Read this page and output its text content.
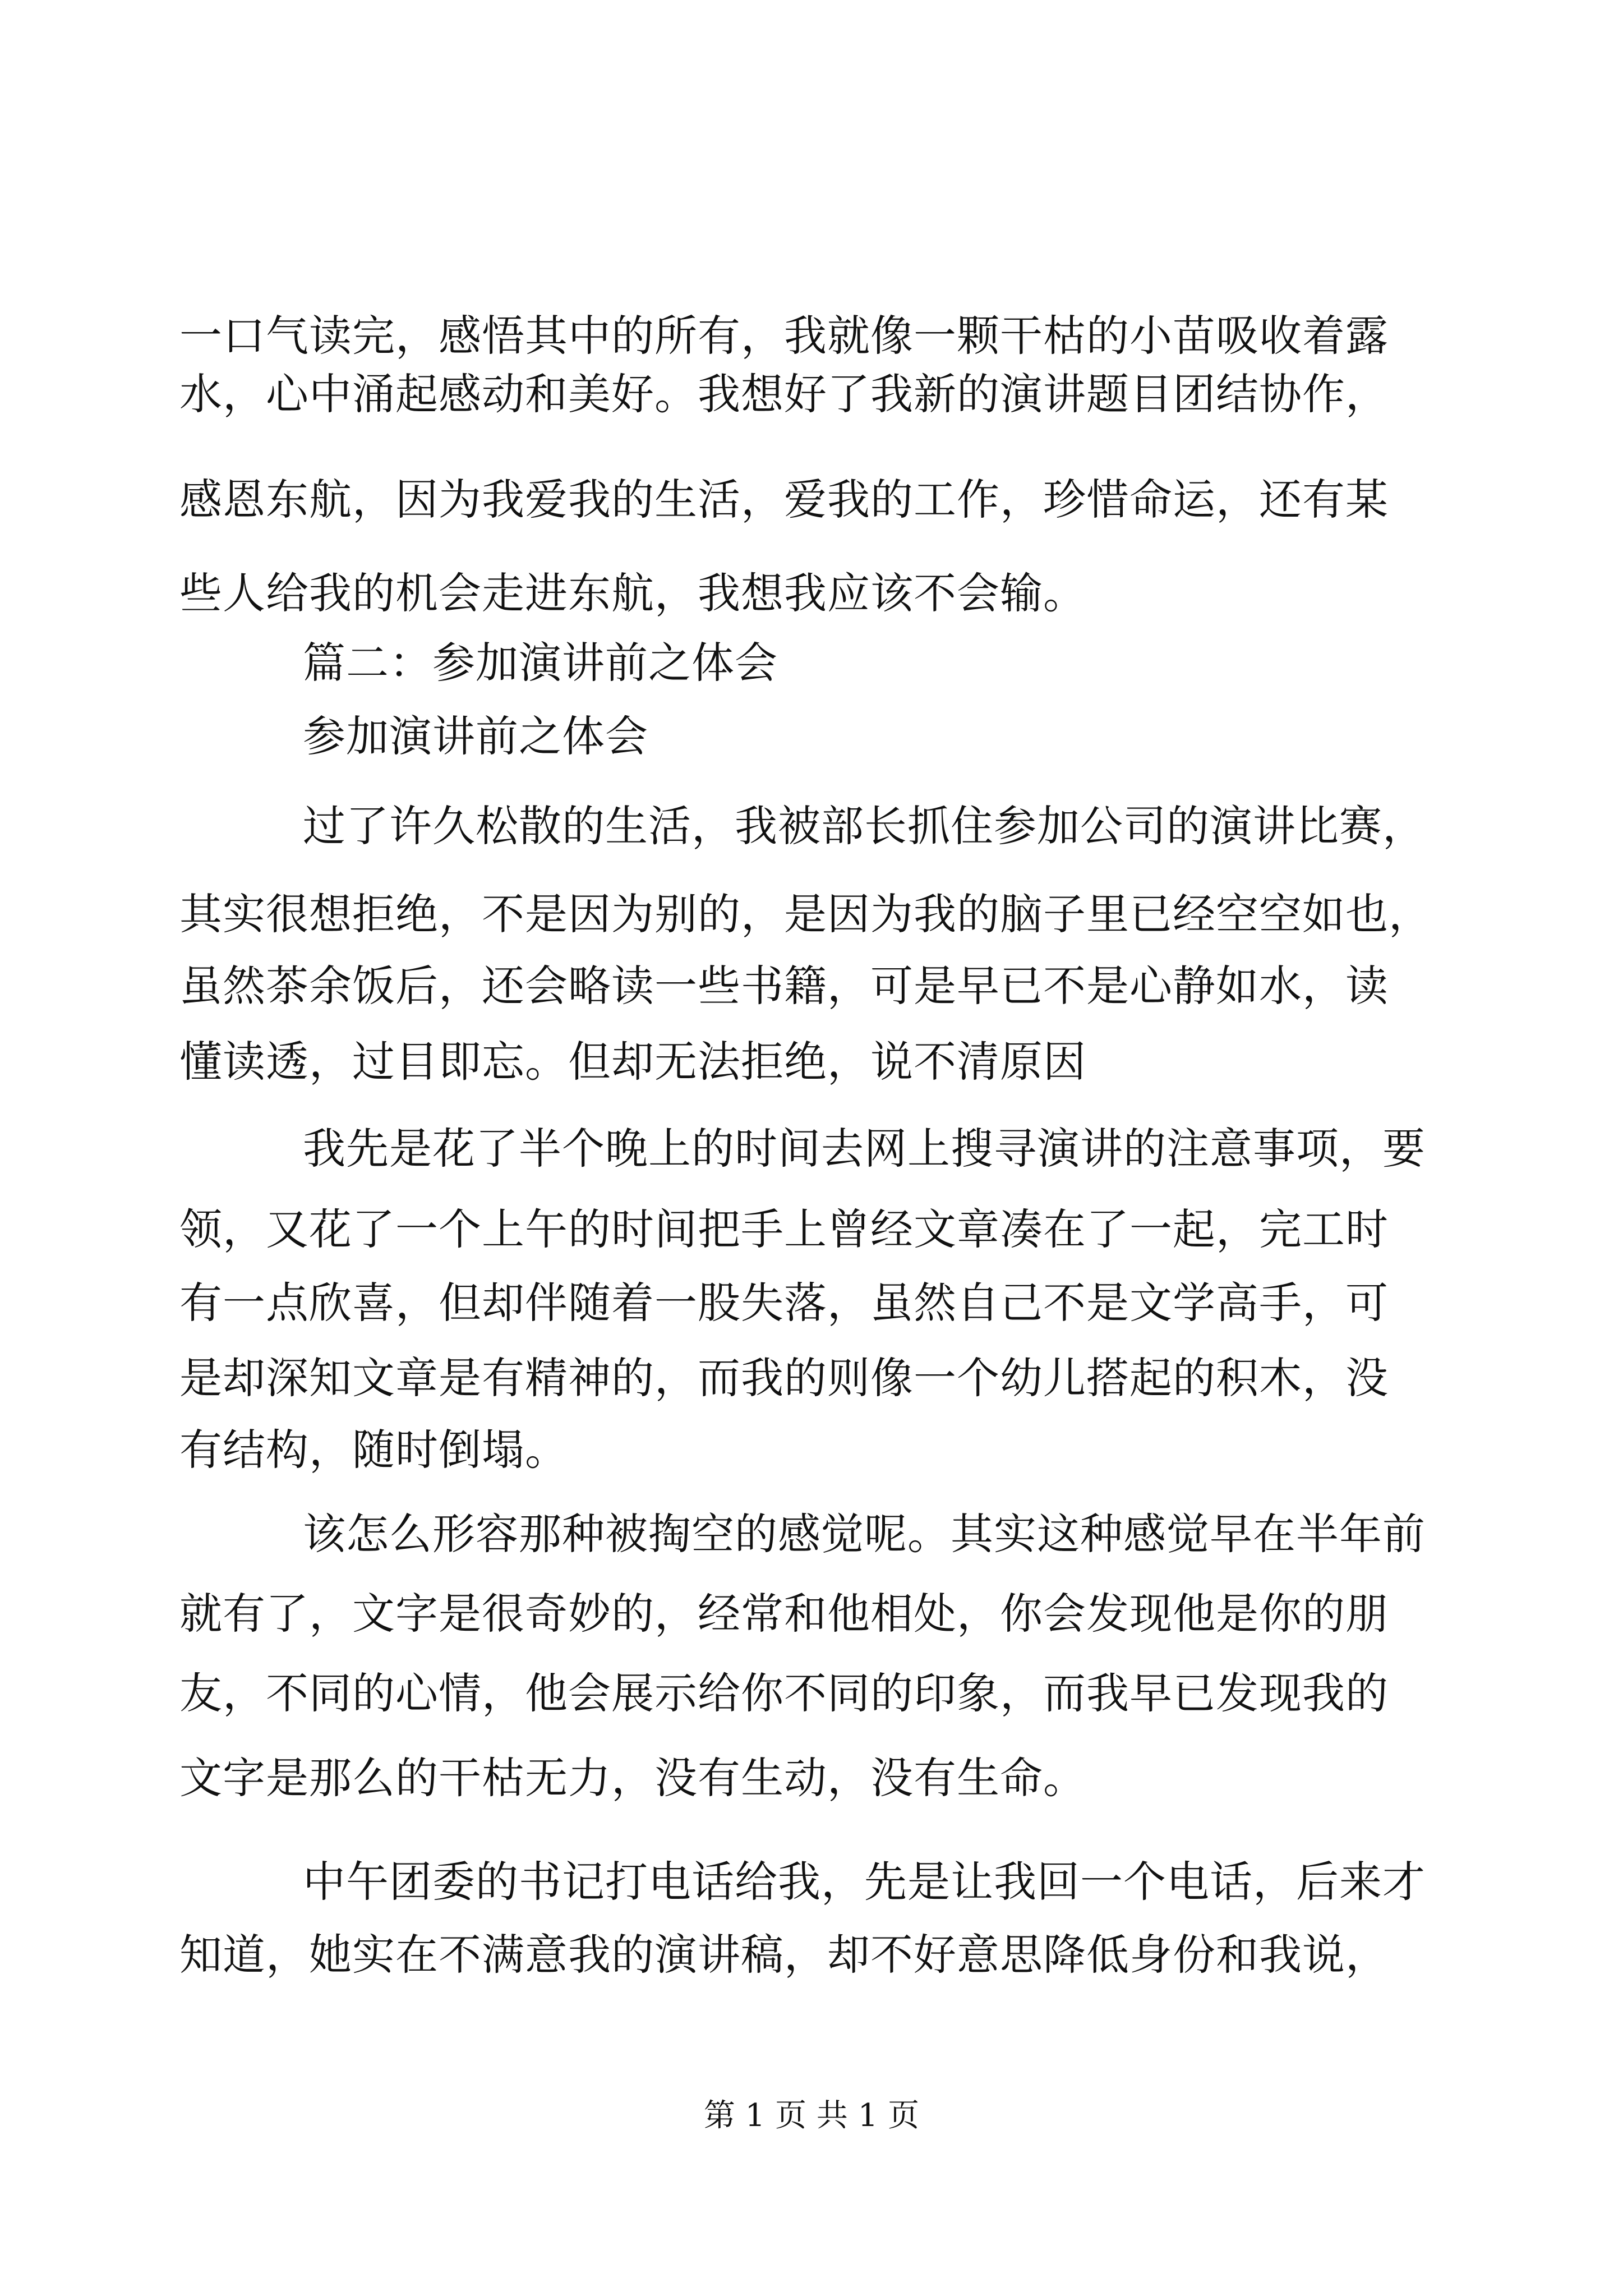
一口气读完，感悟其中的所有，我就像一颗干枯的小苗吸收着露
水，心中涌起感动和美好。我想好了我新的演讲题目团结协作，
感恩东航，因为我爱我的生活，爱我的工作，珍惜命运，还有某
些人给我的机会走进东航，我想我应该不会输。
篇二：参加演讲前之体会
参加演讲前之体会
过了许久松散的生活，我被部长抓住参加公司的演讲比赛，
其实很想拒绝，不是因为别的，是因为我的脑子里已经空空如也，
虽然茶余饭后，还会略读一些书籍，可是早已不是心静如水，读
懂读透，过目即忘。但却无法拒绝，说不清原因
我先是花了半个晚上的时间去网上搜寻演讲的注意事项，要
领，又花了一个上午的时间把手上曾经文章凑在了一起，完工时
有一点欣喜，但却伴随着一股失落，虽然自己不是文学高手，可
是却深知文章是有精神的，而我的则像一个幼儿搭起的积木，没
有结构，随时倒塌。
该怎么形容那种被掏空的感觉呢。其实这种感觉早在半年前
就有了，文字是很奇妙的，经常和他相处，你会发现他是你的朋
友，不同的心情，他会展示给你不同的印象，而我早已发现我的
文字是那么的干枯无力，没有生动，没有生命。
中午团委的书记打电话给我，先是让我回一个电话，后来才
知道，她实在不满意我的演讲稿，却不好意思降低身份和我说，
第 1 页 共 1 页
